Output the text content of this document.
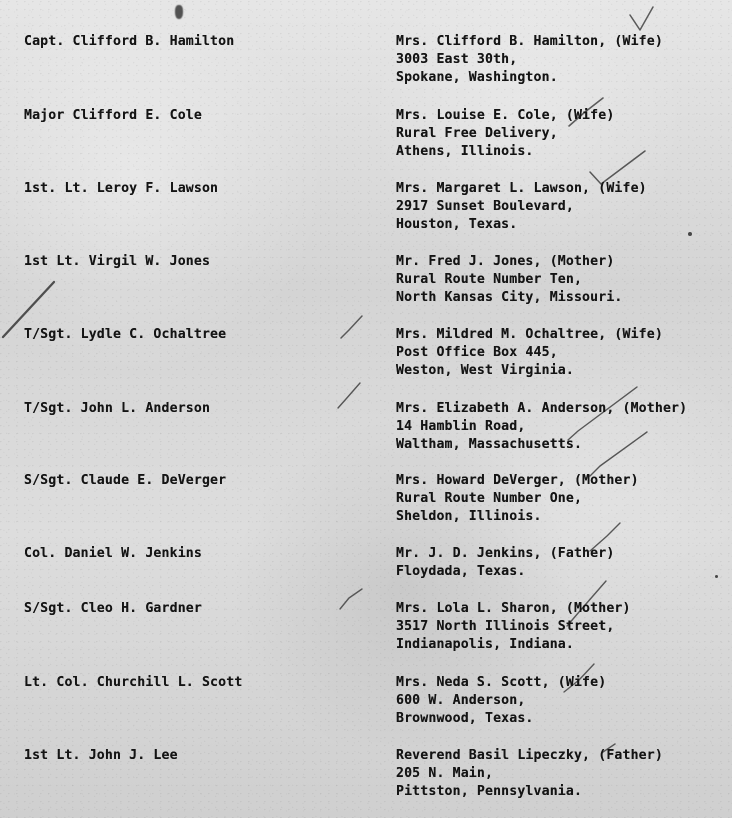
Capt. Clifford B. Hamilton	Mrs. Clifford B. Hamilton, (Wife)
3003 East 30th,
Spokane, Washington.
Major Clifford E. Cole	Mrs. Louise E. Cole, (Wife)
Rural Free Delivery,
Athens, Illinois.
1st. Lt. Leroy F. Lawson	Mrs. Margaret L. Lawson, (Wife)
2917 Sunset Boulevard,
Houston, Texas.
1st Lt. Virgil W. Jones	Mr. Fred J. Jones, (Mother)
Rural Route Number Ten,
North Kansas City, Missouri.
T/Sgt. Lydle C. Ochaltree	Mrs. Mildred M. Ochaltree, (Wife)
Post Office Box 445,
Weston, West Virginia.
T/Sgt. John L. Anderson	Mrs. Elizabeth A. Anderson, (Mother)
14 Hamblin Road,
Waltham, Massachusetts.
S/Sgt. Claude E. DeVerger	Mrs. Howard DeVerger, (Mother)
Rural Route Number One,
Sheldon, Illinois.
Col. Daniel W. Jenkins	Mr. J. D. Jenkins, (Father)
Floydada, Texas.
S/Sgt. Cleo H. Gardner	Mrs. Lola L. Sharon, (Mother)
3517 North Illinois Street,
Indianapolis, Indiana.
Lt. Col. Churchill L. Scott	Mrs. Neda S. Scott, (Wife)
600 W. Anderson,
Brownwood, Texas.
1st Lt. John J. Lee	Reverend Basil Lipeczky, (Father)
205 N. Main,
Pittston, Pennsylvania.
